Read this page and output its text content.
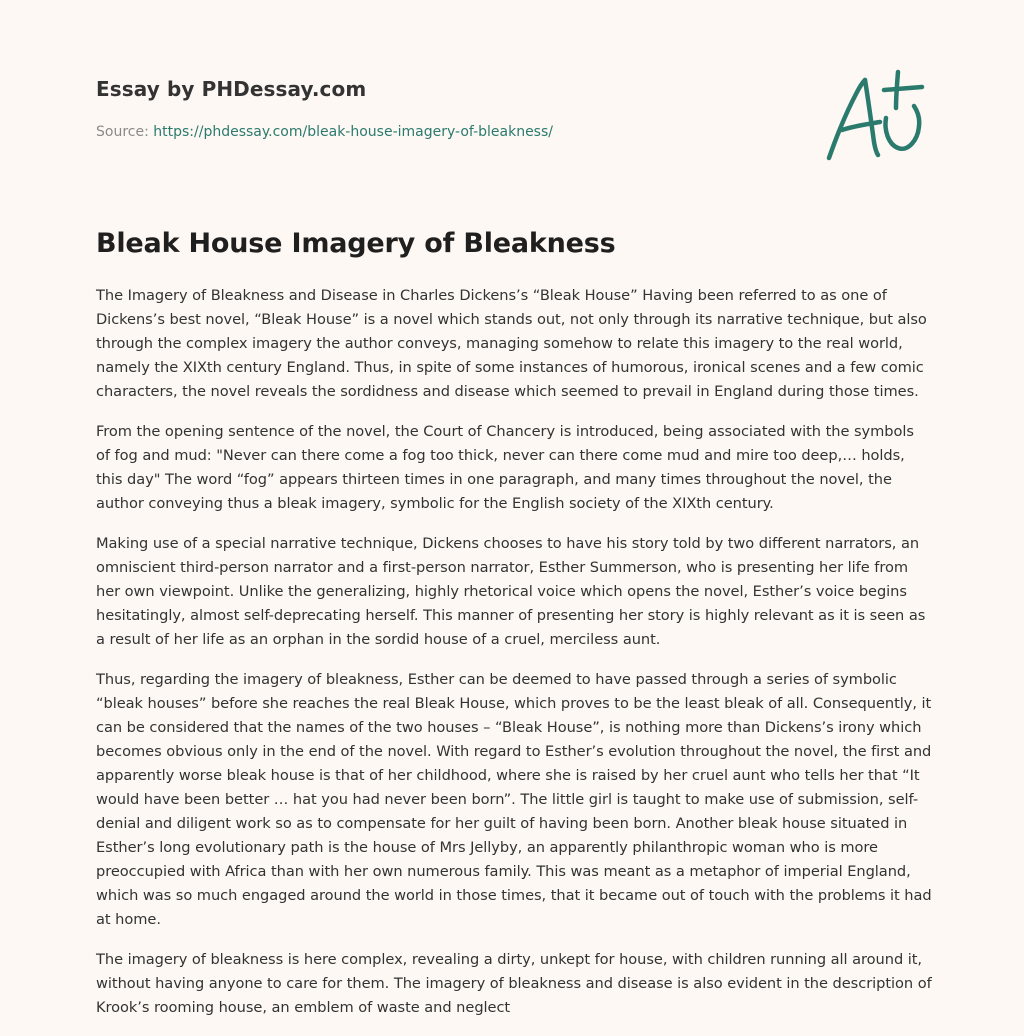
Essay by PHDessay.com
Source: https://phdessay.com/bleak-house-imagery-of-bleakness/
Bleak House Imagery of Bleakness

The Imagery of Bleakness and Disease in Charles Dickens’s “Bleak House” Having been referred to as one of Dickens’s best novel, “Bleak House” is a novel which stands out, not only through its narrative technique, but also through the complex imagery the author conveys, managing somehow to relate this imagery to the real world, namely the XIXth century England. Thus, in spite of some instances of humorous, ironical scenes and a few comic characters, the novel reveals the sordidness and disease which seemed to prevail in England during those times.

From the opening sentence of the novel, the Court of Chancery is introduced, being associated with the symbols of fog and mud: "Never can there come a fog too thick, never can there come mud and mire too deep,… holds, this day" The word “fog” appears thirteen times in one paragraph, and many times throughout the novel, the author conveying thus a bleak imagery, symbolic for the English society of the XIXth century.

Making use of a special narrative technique, Dickens chooses to have his story told by two different narrators, an omniscient third-person narrator and a first-person narrator, Esther Summerson, who is presenting her life from her own viewpoint. Unlike the generalizing, highly rhetorical voice which opens the novel, Esther’s voice begins hesitatingly, almost self-deprecating herself. This manner of presenting her story is highly relevant as it is seen as a result of her life as an orphan in the sordid house of a cruel, merciless aunt.

Thus, regarding the imagery of bleakness, Esther can be deemed to have passed through a series of symbolic “bleak houses” before she reaches the real Bleak House, which proves to be the least bleak of all. Consequently, it can be considered that the names of the two houses – “Bleak House”, is nothing more than Dickens’s irony which becomes obvious only in the end of the novel. With regard to Esther’s evolution throughout the novel, the first and apparently worse bleak house is that of her childhood, where she is raised by her cruel aunt who tells her that “It would have been better … hat you had never been born”. The little girl is taught to make use of submission, self-denial and diligent work so as to compensate for her guilt of having been born. Another bleak house situated in Esther’s long evolutionary path is the house of Mrs Jellyby, an apparently philanthropic woman who is more preoccupied with Africa than with her own numerous family. This was meant as a metaphor of imperial England, which was so much engaged around the world in those times, that it became out of touch with the problems it had at home.

The imagery of bleakness is here complex, revealing a dirty, unkept for house, with children running all around it, without having anyone to care for them. The imagery of bleakness and disease is also evident in the description of Krook’s rooming house, an emblem of waste and neglect
